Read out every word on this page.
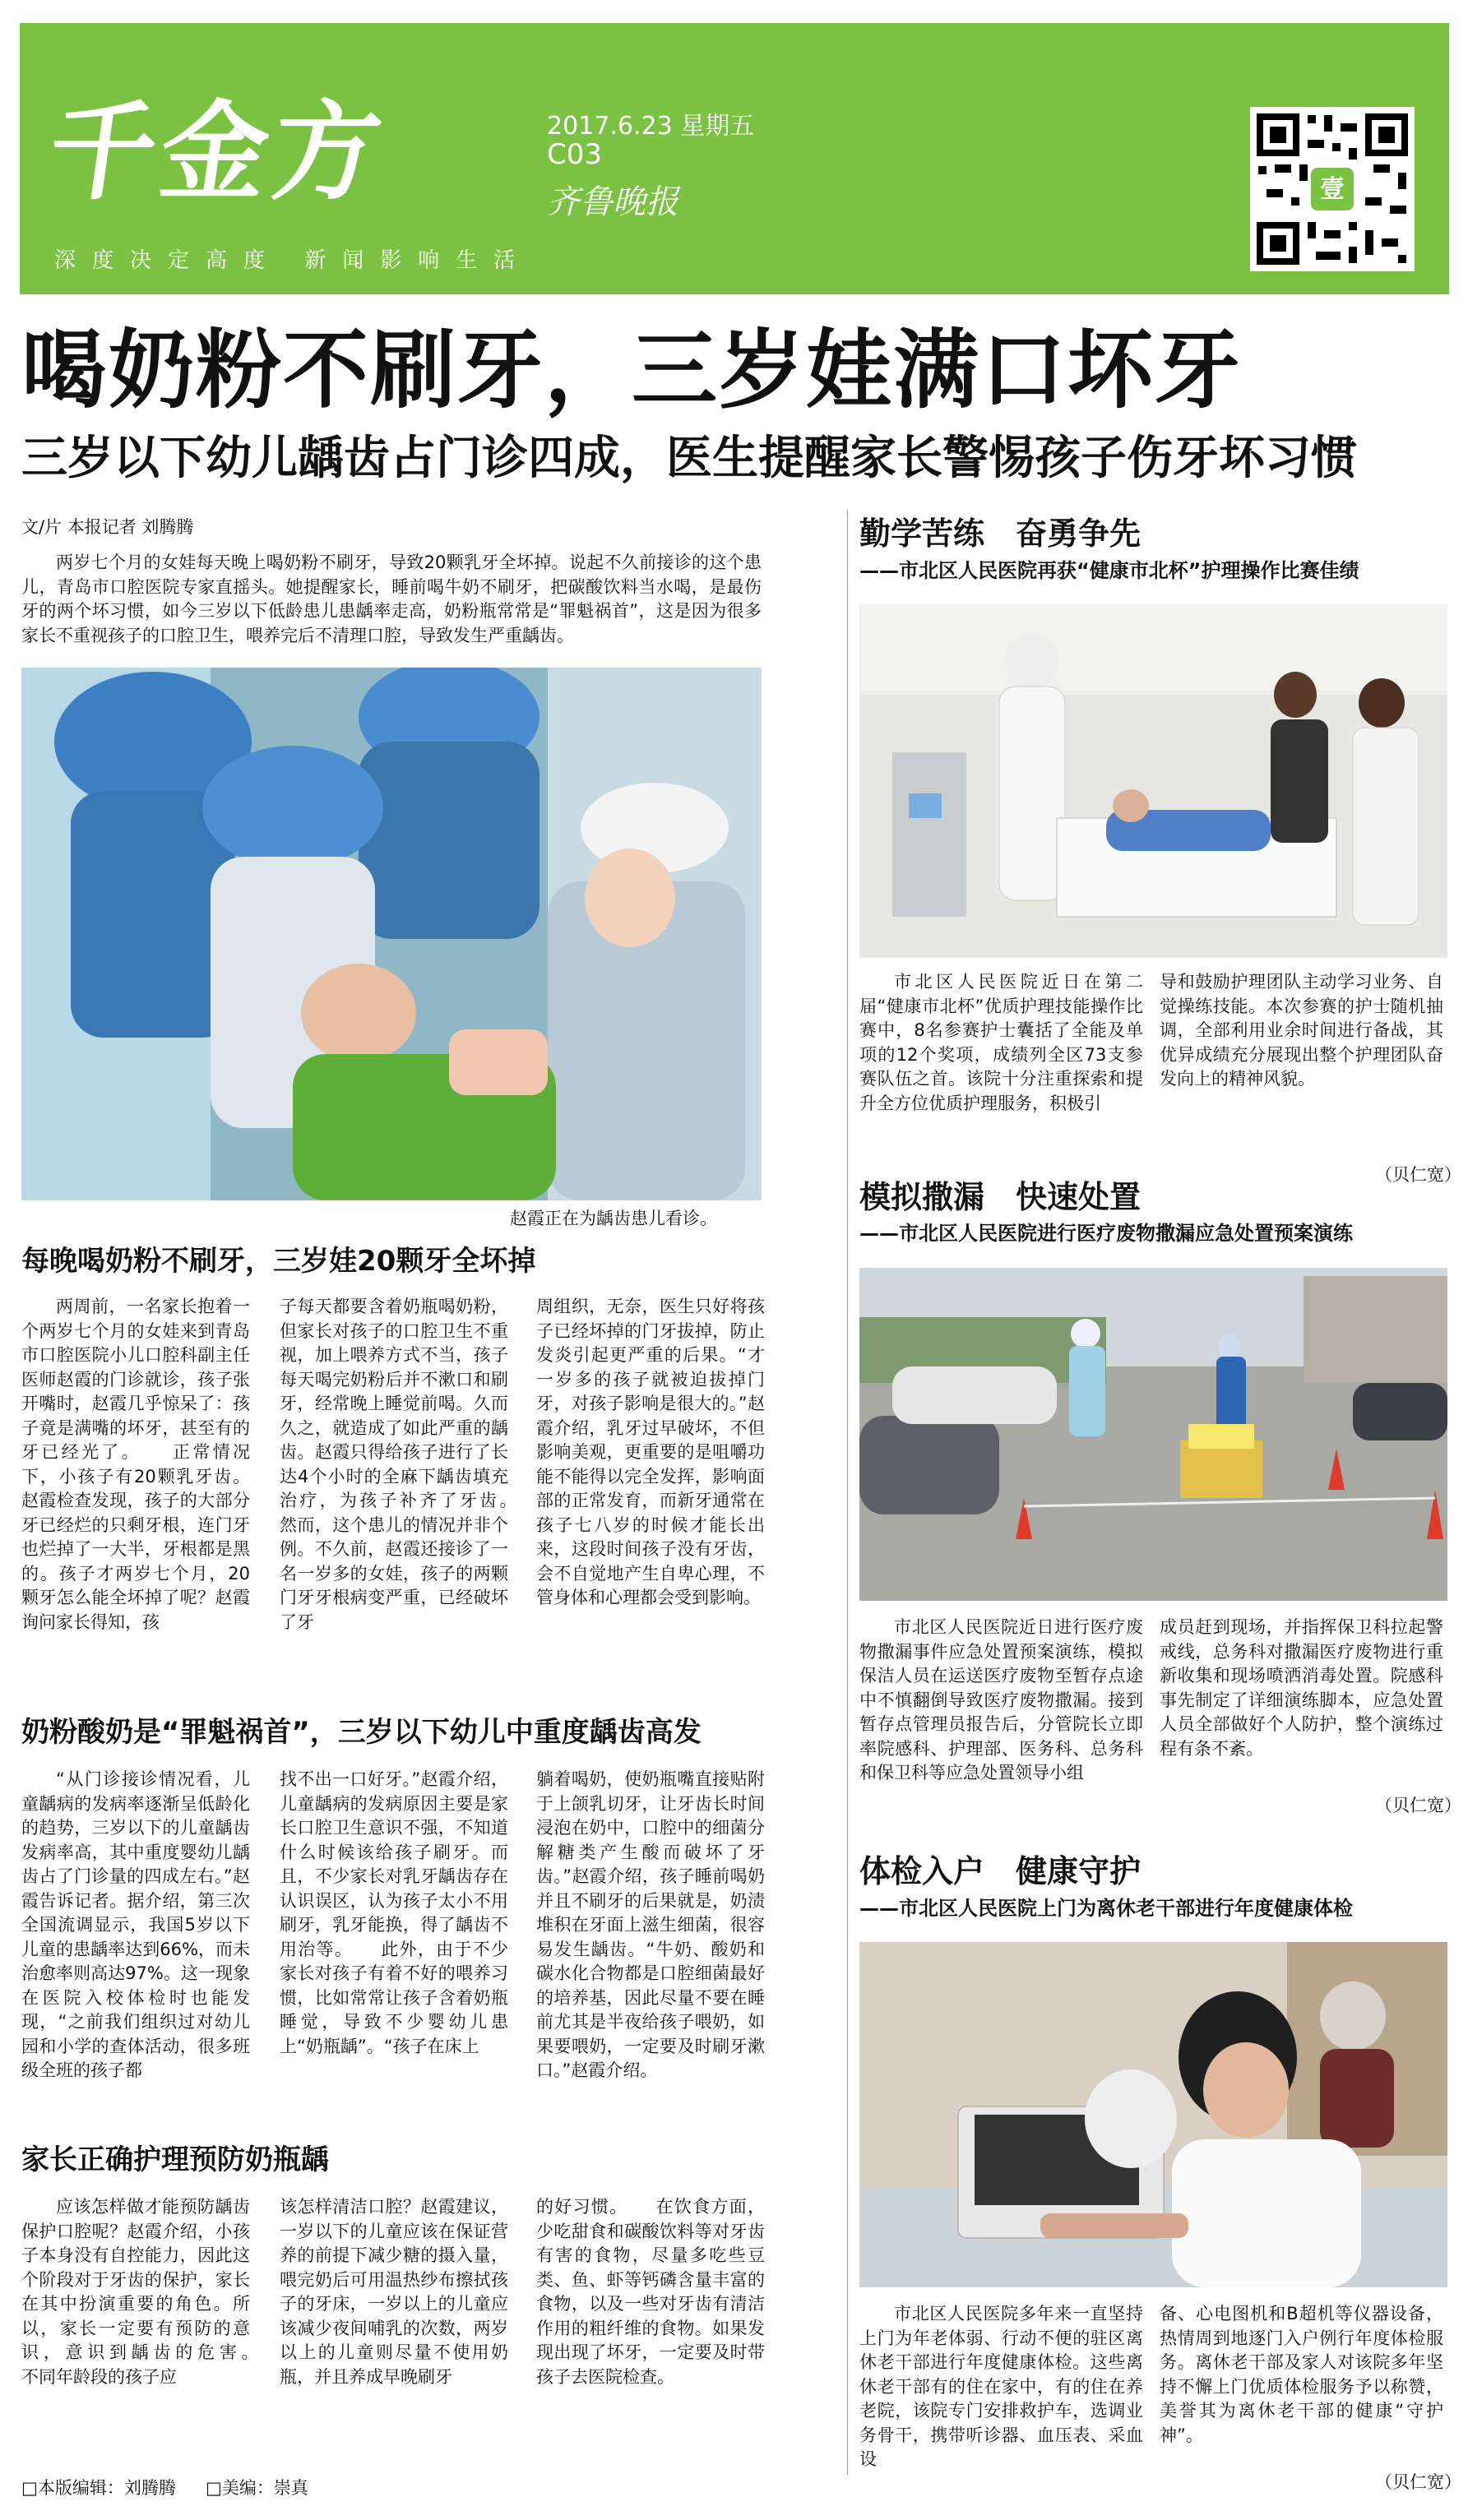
千金方	2017.6.23 星期五
C03
齐鲁晚报
深度决定高度 新闻影响生活
壹
喝奶粉不刷牙，三岁娃满口坏牙
三岁以下幼儿龋齿占门诊四成，医生提醒家长警惕孩子伤牙坏习惯
文/片 本报记者 刘腾腾
两岁七个月的女娃每天晚上喝奶粉不刷牙，导致20颗乳牙全坏掉。说起不久前接诊的这个患儿，青岛市口腔医院专家直摇头。她提醒家长，睡前喝牛奶不刷牙，把碳酸饮料当水喝，是最伤牙的两个坏习惯，如今三岁以下低龄患儿患龋率走高，奶粉瓶常常是“罪魁祸首”，这是因为很多家长不重视孩子的口腔卫生，喂养完后不清理口腔，导致发生严重龋齿。
赵霞正在为龋齿患儿看诊。
每晚喝奶粉不刷牙，三岁娃20颗牙全坏掉
两周前，一名家长抱着一个两岁七个月的女娃来到青岛市口腔医院小儿口腔科副主任医师赵霞的门诊就诊，孩子张开嘴时，赵霞几乎惊呆了：孩子竟是满嘴的坏牙，甚至有的牙已经光了。　　正常情况下，小孩子有20颗乳牙齿。赵霞检查发现，孩子的大部分牙已经烂的只剩牙根，连门牙也烂掉了一大半，牙根都是黑的。孩子才两岁七个月，20颗牙怎么能全坏掉了呢？赵霞询问家长得知，孩
子每天都要含着奶瓶喝奶粉，但家长对孩子的口腔卫生不重视，加上喂养方式不当，孩子每天喝完奶粉后并不漱口和刷牙，经常晚上睡觉前喝。久而久之，就造成了如此严重的龋齿。赵霞只得给孩子进行了长达4个小时的全麻下龋齿填充治疗，为孩子补齐了牙齿。　　然而，这个患儿的情况并非个例。不久前，赵霞还接诊了一名一岁多的女娃，孩子的两颗门牙牙根病变严重，已经破坏了牙
周组织，无奈，医生只好将孩子已经坏掉的门牙拔掉，防止发炎引起更严重的后果。“才一岁多的孩子就被迫拔掉门牙，对孩子影响是很大的。”赵霞介绍，乳牙过早破坏，不但影响美观，更重要的是咀嚼功能不能得以完全发挥，影响面部的正常发育，而新牙通常在孩子七八岁的时候才能长出来，这段时间孩子没有牙齿，会不自觉地产生自卑心理，不管身体和心理都会受到影响。
奶粉酸奶是“罪魁祸首”，三岁以下幼儿中重度龋齿高发
“从门诊接诊情况看，儿童龋病的发病率逐渐呈低龄化的趋势，三岁以下的儿童龋齿发病率高，其中重度婴幼儿龋齿占了门诊量的四成左右。”赵霞告诉记者。据介绍，第三次全国流调显示，我国5岁以下儿童的患龋率达到66%，而未治愈率则高达97%。这一现象在医院入校体检时也能发现，“之前我们组织过对幼儿园和小学的查体活动，很多班级全班的孩子都
找不出一口好牙。”赵霞介绍，儿童龋病的发病原因主要是家长口腔卫生意识不强，不知道什么时候该给孩子刷牙。而且，不少家长对乳牙龋齿存在认识误区，认为孩子太小不用刷牙，乳牙能换，得了龋齿不用治等。　　此外，由于不少家长对孩子有着不好的喂养习惯，比如常常让孩子含着奶瓶睡觉，导致不少婴幼儿患上“奶瓶龋”。“孩子在床上
躺着喝奶，使奶瓶嘴直接贴附于上颌乳切牙，让牙齿长时间浸泡在奶中，口腔中的细菌分解糖类产生酸而破坏了牙齿。”赵霞介绍，孩子睡前喝奶并且不刷牙的后果就是，奶渍堆积在牙面上滋生细菌，很容易发生龋齿。“牛奶、酸奶和碳水化合物都是口腔细菌最好的培养基，因此尽量不要在睡前尤其是半夜给孩子喂奶，如果要喂奶，一定要及时刷牙漱口。”赵霞介绍。
家长正确护理预防奶瓶龋
应该怎样做才能预防龋齿保护口腔呢？赵霞介绍，小孩子本身没有自控能力，因此这个阶段对于牙齿的保护，家长在其中扮演重要的角色。所以，家长一定要有预防的意识，意识到龋齿的危害。　　不同年龄段的孩子应
该怎样清洁口腔？赵霞建议，一岁以下的儿童应该在保证营养的前提下减少糖的摄入量，喂完奶后可用温热纱布擦拭孩子的牙床，一岁以上的儿童应该减少夜间哺乳的次数，两岁以上的儿童则尽量不使用奶瓶，并且养成早晚刷牙
的好习惯。　　在饮食方面，少吃甜食和碳酸饮料等对牙齿有害的食物，尽量多吃些豆类、鱼、虾等钙磷含量丰富的食物，以及一些对牙齿有清洁作用的粗纤维的食物。如果发现出现了坏牙，一定要及时带孩子去医院检查。
勤学苦练　奋勇争先
——市北区人民医院再获“健康市北杯”护理操作比赛佳绩
市北区人民医院近日在第二届“健康市北杯”优质护理技能操作比赛中，8名参赛护士囊括了全能及单项的12个奖项，成绩列全区73支参赛队伍之首。该院十分注重探索和提升全方位优质护理服务，积极引
导和鼓励护理团队主动学习业务、自觉操练技能。本次参赛的护士随机抽调，全部利用业余时间进行备战，其优异成绩充分展现出整个护理团队奋发向上的精神风貌。
（贝仁宽）
模拟撒漏　快速处置
——市北区人民医院进行医疗废物撒漏应急处置预案演练
市北区人民医院近日进行医疗废物撒漏事件应急处置预案演练，模拟保洁人员在运送医疗废物至暂存点途中不慎翻倒导致医疗废物撒漏。接到暂存点管理员报告后，分管院长立即率院感科、护理部、医务科、总务科和保卫科等应急处置领导小组
成员赶到现场，并指挥保卫科拉起警戒线，总务科对撒漏医疗废物进行重新收集和现场喷洒消毒处置。院感科事先制定了详细演练脚本，应急处置人员全部做好个人防护，整个演练过程有条不紊。
（贝仁宽）
体检入户　健康守护
——市北区人民医院上门为离休老干部进行年度健康体检
市北区人民医院多年来一直坚持上门为年老体弱、行动不便的驻区离休老干部进行年度健康体检。这些离休老干部有的住在家中，有的住在养老院，该院专门安排救护车，选调业务骨干，携带听诊器、血压表、采血设
备、心电图机和B超机等仪器设备，热情周到地逐门入户例行年度体检服务。离休老干部及家人对该院多年坚持不懈上门优质体检服务予以称赞，美誉其为离休老干部的健康“守护神”。
（贝仁宽）
□本版编辑：刘腾腾 □美编：崇真
